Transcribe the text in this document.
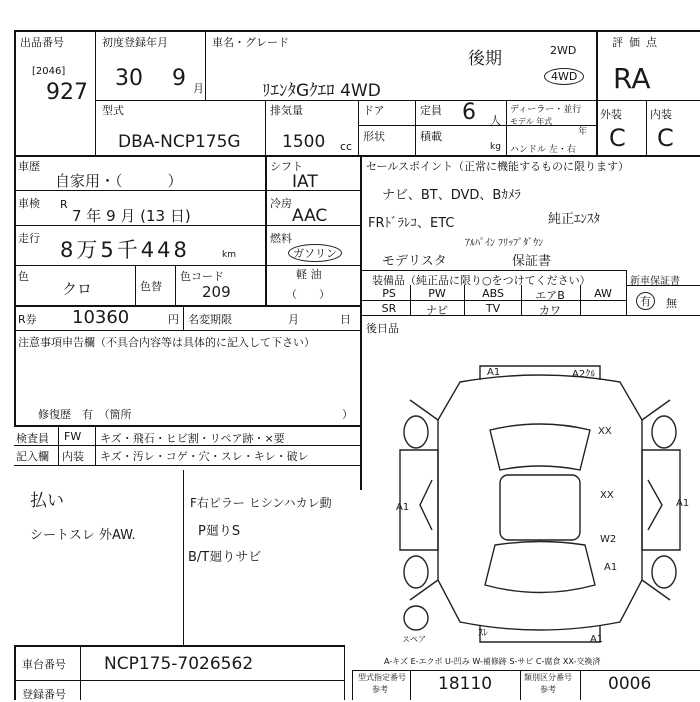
出品番号
[2046]
927
初度登録年月
30 9 月
車名・グレード
ﾘｴﾝﾀGｸｴﾛ 4WD
後期	2WD
4WD
評価点
RA
外装	内装
C C
型式
DBA-NCP175G
排気量
1500 cc
ドア	定員 6 人
ディーラー・並行
モデル 年式
年
形状	積載
kg ハンドル 左・右
車歴
自家用・（　　　）
車検 R
7 年 9 月 (13 日)
走行 8万5千448	km
色
クロ	色替
色コード
209
R券 10360	円 名変期限	月	日
シフト
IAT
冷房
AAC
燃料
ガソリン
軽 油
（　　）
セールスポイント（正常に機能するものに限ります）
ナビ、BT、DVD、Bｶﾒﾗ
FRﾄﾞﾗﾚｺ、ETC	純正ｴﾝｽﾀ
ｱﾙﾊﾟｲﾝ ﾌﾘｯﾌﾟﾀﾞｳﾝ
モデリスタ	保証書
装備品（純正品に限り○をつけてください）
PS	PW	ABS	エアB	AW
SR	ナビ	TV	カワ
新車保証書
有	無
後日品
注意事項申告欄（不具合内容等は具体的に記入して下さい）
修復歴　有　（箇所	）
検査員
記入欄
FW キズ・飛石・ヒビ割・リペア跡・×要
内装 キズ・汚レ・コゲ・穴・スレ・キレ・破レ
払い
シートスレ 外AW.
F右ピラー ヒシンハカレ動
P廻りS
B/T廻りサビ
A1	A2ｸﾙ
XX
XX
A1	A1
W2
A1
ｽﾚ
A1
スペア
A-キズ E-エクボ U-凹み W-補修跡 S-サビ C-腐食 XX-交換済
車台番号 NCP175-7026562
登録番号
型式指定番号
参考	18110	類別区分番号
参考	0006
